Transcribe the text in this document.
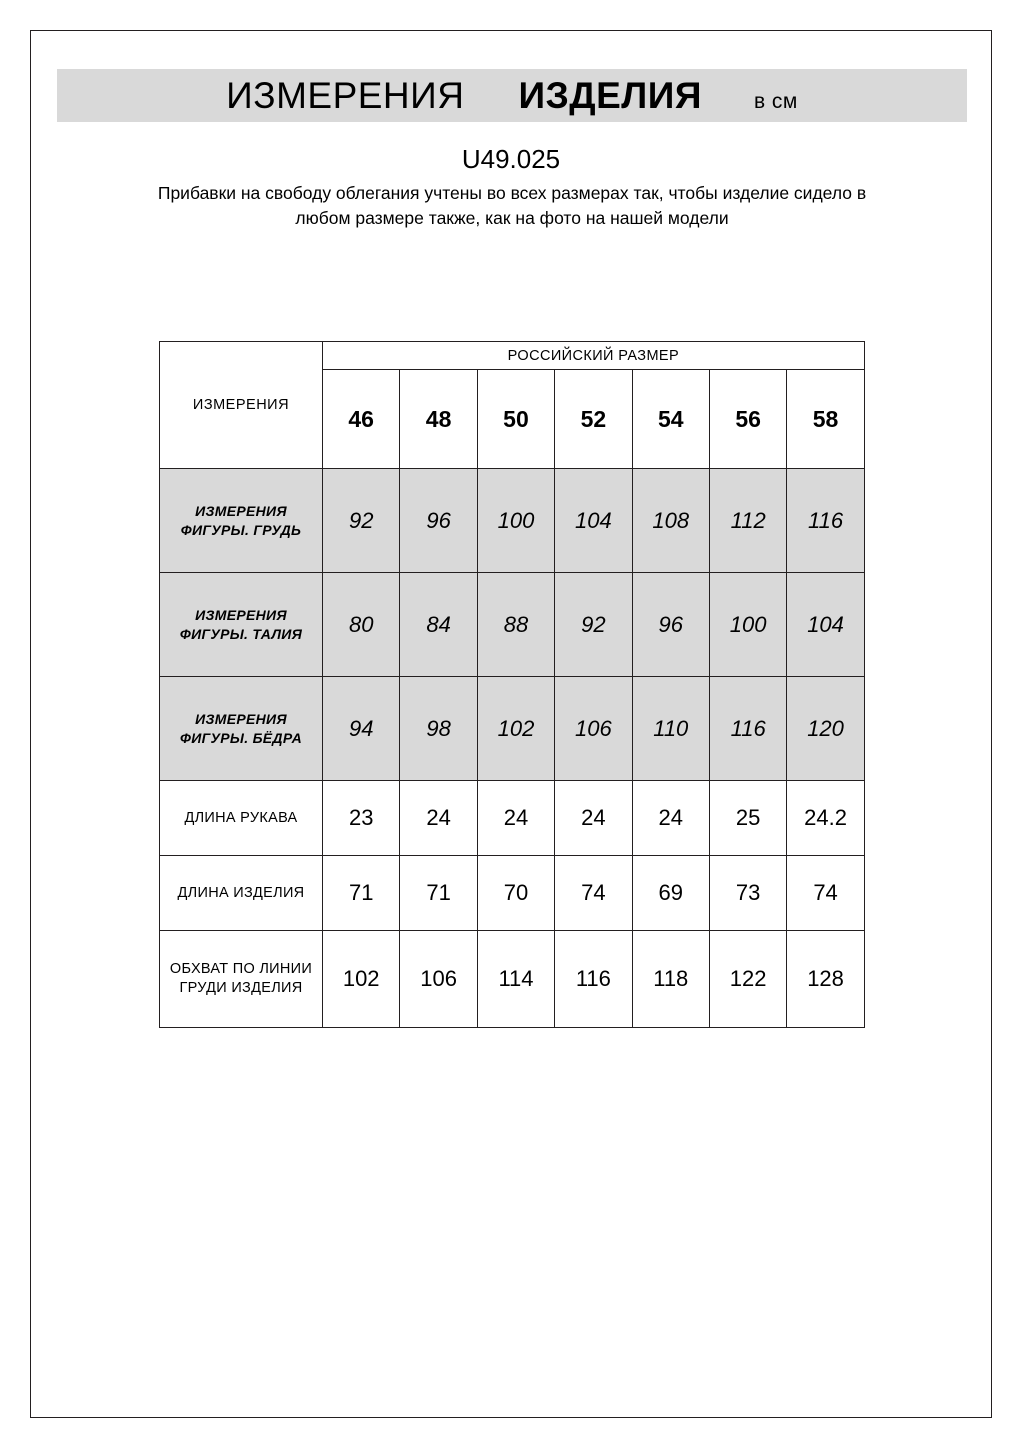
ИЗМЕРЕНИЯ ИЗДЕЛИЯ в см
U49.025
Прибавки на свободу облегания учтены во всех размерах так, чтобы изделие сидело в любом размере также, как на фото на нашей модели
ИЗМЕРЕНИЯ	РОССИЙСКИЙ РАЗМЕР						
	46	48	50	52	54	56	58
ИЗМЕРЕНИЯ ФИГУРЫ. ГРУДЬ	92	96	100	104	108	112	116
ИЗМЕРЕНИЯ ФИГУРЫ. ТАЛИЯ	80	84	88	92	96	100	104
ИЗМЕРЕНИЯ ФИГУРЫ. БЁДРА	94	98	102	106	110	116	120
ДЛИНА РУКАВА	23	24	24	24	24	25	24.2
ДЛИНА ИЗДЕЛИЯ	71	71	70	74	69	73	74
ОБХВАТ ПО ЛИНИИ ГРУДИ ИЗДЕЛИЯ	102	106	114	116	118	122	128
